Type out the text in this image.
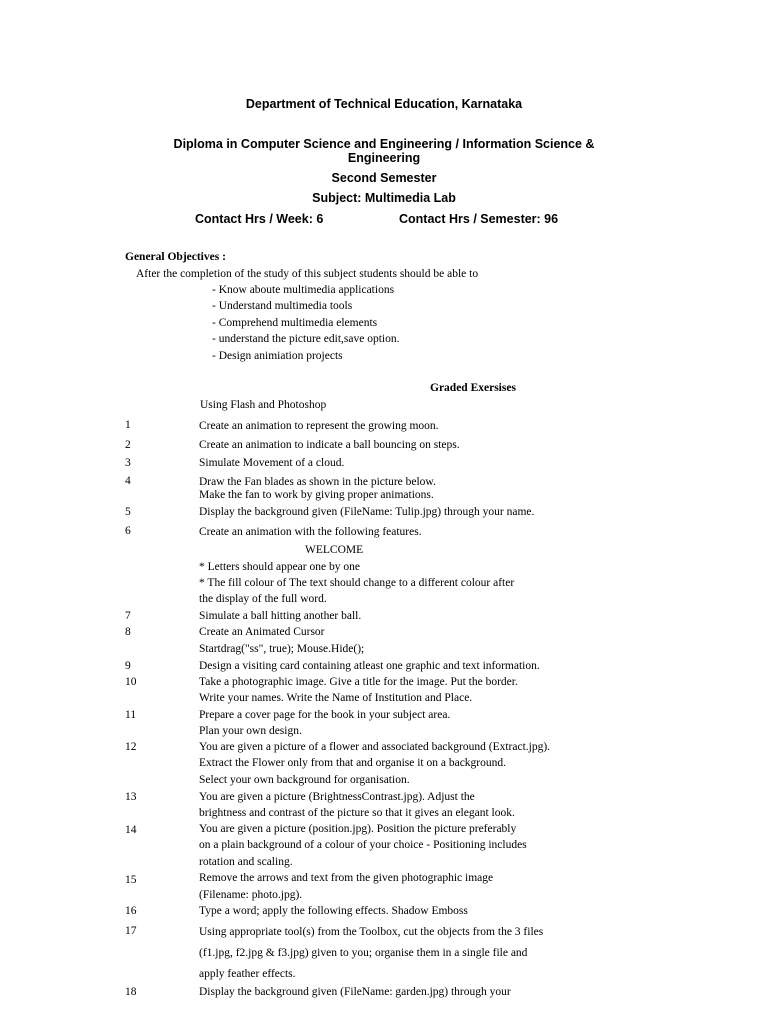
Department of Technical Education, Karnataka
Diploma in Computer Science and Engineering / Information Science &
Engineering
Second Semester
Subject: Multimedia Lab
Contact Hrs / Week: 6	Contact Hrs / Semester: 96
General Objectives :
After the completion of the study of this subject students should be able to
- Know aboute multimedia applications
- Understand multimedia tools
- Comprehend multimedia elements
- understand the picture edit,save option.
- Design animiation projects
Graded Exersises
Using Flash and Photoshop
1	Create an animation to represent the growing moon.
2	Create an animation to indicate a ball bouncing on steps.
3	Simulate Movement of a cloud.
4	Draw the Fan blades as shown in the picture below.
Make the fan to work by giving proper animations.
5	Display the background given (FileName: Tulip.jpg) through your name.
6	Create an animation with the following features.
WELCOME
* Letters should appear one by one
* The fill colour of The text should change to a different colour after
the display of the full word.
7	Simulate a ball hitting another ball.
8	Create an Animated Cursor
Startdrag("ss", true); Mouse.Hide();
9	Design a visiting card containing atleast one graphic and text information.
10	Take a photographic image. Give a title for the image. Put the border.
Write your names. Write the Name of Institution and Place.
11	Prepare a cover page for the book in your subject area.
Plan your own design.
12	You are given a picture of a flower and associated background (Extract.jpg).
Extract the Flower only from that and organise it on a background.
Select your own background for organisation.
13	You are given a picture (BrightnessContrast.jpg). Adjust the
brightness and contrast of the picture so that it gives an elegant look.
14	You are given a picture (position.jpg). Position the picture preferably
on a plain background of a colour of your choice - Positioning includes
rotation and scaling.
15	Remove the arrows and text from the given photographic image
(Filename: photo.jpg).
16	Type a word; apply the following effects. Shadow Emboss
17	Using appropriate tool(s) from the Toolbox, cut the objects from the 3 files
(f1.jpg, f2.jpg & f3.jpg) given to you; organise them in a single file and
apply feather effects.
18	Display the background given (FileName: garden.jpg) through your
